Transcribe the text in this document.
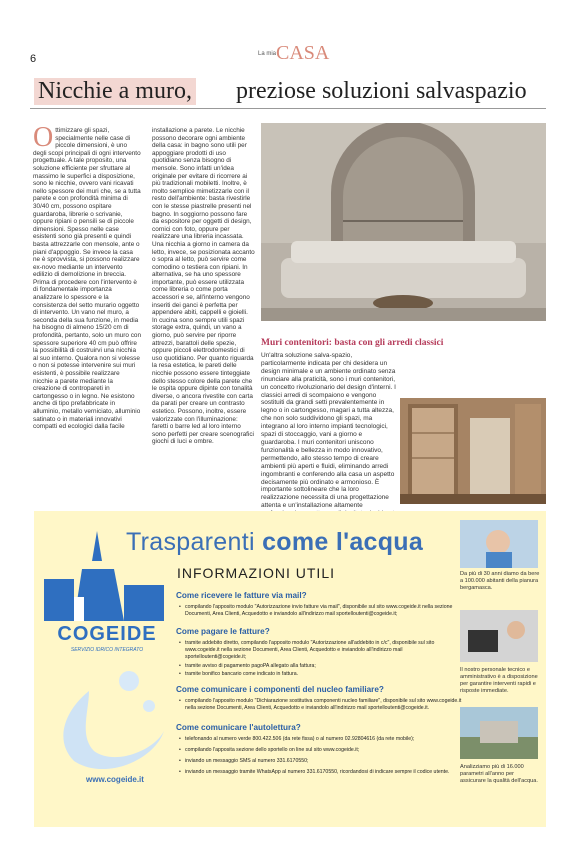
6	La mia CASA
Nicchie a muro, preziose soluzioni salvaspazio
O ttimizzare gli spazi, specialmente nelle case di piccole dimensioni, è uno degli scopi principali di ogni intervento progettuale. A tale proposito, una soluzione efficiente per sfruttare al massimo le superfici a disposizione, sono le nicchie, ovvero vani ricavati nello spessore dei muri che, se a tutta parete e con profondità minima di 30/40 cm, possono ospitare guardaroba, librerie o scrivanie, oppure ripiani o pensili se di piccole dimensioni. Spesso nelle case esistenti sono già presenti e quindi basta attrezzarle con mensole, ante o piani d'appoggio. Se invece la casa ne è sprovvista, si possono realizzare ex-novo mediante un intervento edilizio di demolizione in breccia. Prima di procedere con l'intervento è di fondamentale importanza analizzare lo spessore e la consistenza del setto murario oggetto di intervento. Un vano nel muro, a seconda della sua funzione, in media ha bisogno di almeno 15/20 cm di profondità, pertanto, solo un muro con spessore superiore 40 cm può offrire la possibilità di costruirvi una nicchia al suo interno. Qualora non si volesse o non si potesse intervenire sui muri esistenti, è possibile realizzare nicchie a parete mediante la creazione di contropareti in cartongesso o in legno. Ne esistono anche di tipo prefabbricate in alluminio, metallo verniciato, alluminio satinato o in materiali innovativi compatti ed ecologici dalla facile
installazione a parete. Le nicchie possono decorare ogni ambiente della casa: in bagno sono utili per appoggiare prodotti di uso quotidiano senza bisogno di mensole. Sono infatti un'idea originale per evitare di ricorrere ai più tradizionali mobiletti. Inoltre, è molto semplice mimetizzarle con il resto dell'ambiente: basta rivestirle con le stesse piastrelle presenti nel bagno. In soggiorno possono fare da espositore per oggetti di design, cornici con foto, oppure per realizzare una libreria incassata. Una nicchia a giorno in camera da letto, invece, se posizionata accanto o sopra al letto, può servire come comodino o testiera con ripiani. In alternativa, se ha uno spessore importante, può essere utilizzata come libreria o come porta accessori e se, all'interno vengono inseriti dei ganci è perfetta per appendere abiti, cappelli e gioielli. In cucina sono sempre utili spazi storage extra, quindi, un vano a giorno, può servire per riporre attrezzi, barattoli delle spezie, oppure piccoli elettrodomestici di uso quotidiano. Per quanto riguarda la resa estetica, le pareti delle nicchie possono essere tinteggiate dello stesso colore della parete che le ospita oppure dipinte con tonalità diverse, o ancora rivestite con carta da parati per creare un contrasto estetico. Possono, inoltre, essere valorizzate con l'illuminazione: faretti o barre led al loro interno sono perfetti per creare scenografici giochi di luci e ombre.
Muri contenitori: basta con gli arredi classici
Un'altra soluzione salva-spazio, particolarmente indicata per chi desidera un design minimale e un ambiente ordinato senza rinunciare alla praticità, sono i muri contenitori, un concetto rivoluzionario del design d'interni. I classici arredi di scompaiono e vengono sostituiti da grandi setti prevalentemente in legno o in cartongesso, magari a tutta altezza, che non solo suddividono gli spazi, ma integrano al loro interno impianti tecnologici, spazi di stoccaggio, vani a giorno e guardaroba. I muri contenitori uniscono funzionalità e bellezza in modo innovativo, permettendo, allo stesso tempo di creare ambienti più aperti e fluidi, eliminando arredi ingombranti e conferendo alla casa un aspetto decisamente più ordinato e armonioso. È importante sottolineare che la loro realizzazione necessita di una progettazione attenta e un'installazione altamente
COGEIDE
SERVIZIO IDRICO INTEGRATO
Trasparenti come l'acqua
INFORMAZIONI UTILI
Come ricevere le fatture via mail?
• compilando l'apposito modulo "Autorizzazione invio fatture via mail", disponibile sul sito www.cogeide.it nella sezione Documenti, Area Clienti, Acquedotto e inviandolo all'indirizzo mail sportelloutenti@cogeide.it;
Come pagare le fatture?
• tramite addebito diretto, compilando l'apposito modulo "Autorizzazione all'addebito in c/c", disponibile sul sito www.cogeide.it nella sezione Documenti, Area Clienti, Acquedotto e inviandolo all'indirizzo mail sportelloutenti@cogeide.it;
• tramite avviso di pagamento pagoPA allegato alla fattura;
• tramite bonifico bancario come indicato in fattura.
Come comunicare i componenti del nucleo familiare?
• compilando l'apposito modulo "Dichiarazione sostitutiva componenti nucleo familiare", disponibile sul sito www.cogeide.it nella sezione Documenti, Area Clienti, Acquedotto e inviandolo all'indirizzo mail sportelloutenti@cogeide.it.
Come comunicare l'autolettura?
• telefonando al numero verde 800.422.506 (da rete fissa) o al numero 02.92804616 (da rete mobile);
• compilando l'apposita sezione dello sportello on line sul sito www.cogeide.it;
• inviando un messaggio SMS al numero 331.6170550;
• inviando un messaggio tramite WhatsApp al numero 331.6170550, ricordandosi di indicare sempre il codice utente.
www.cogeide.it
Da più di 30 anni diamo da bere a 100.000 abitanti della pianura bergamasca.
Il nostro personale tecnico e amministrativo è a disposizione per garantire interventi rapidi e risposte immediate.
Analizziamo più di 16.000 parametri all'anno per assicurare la qualità dell'acqua.
